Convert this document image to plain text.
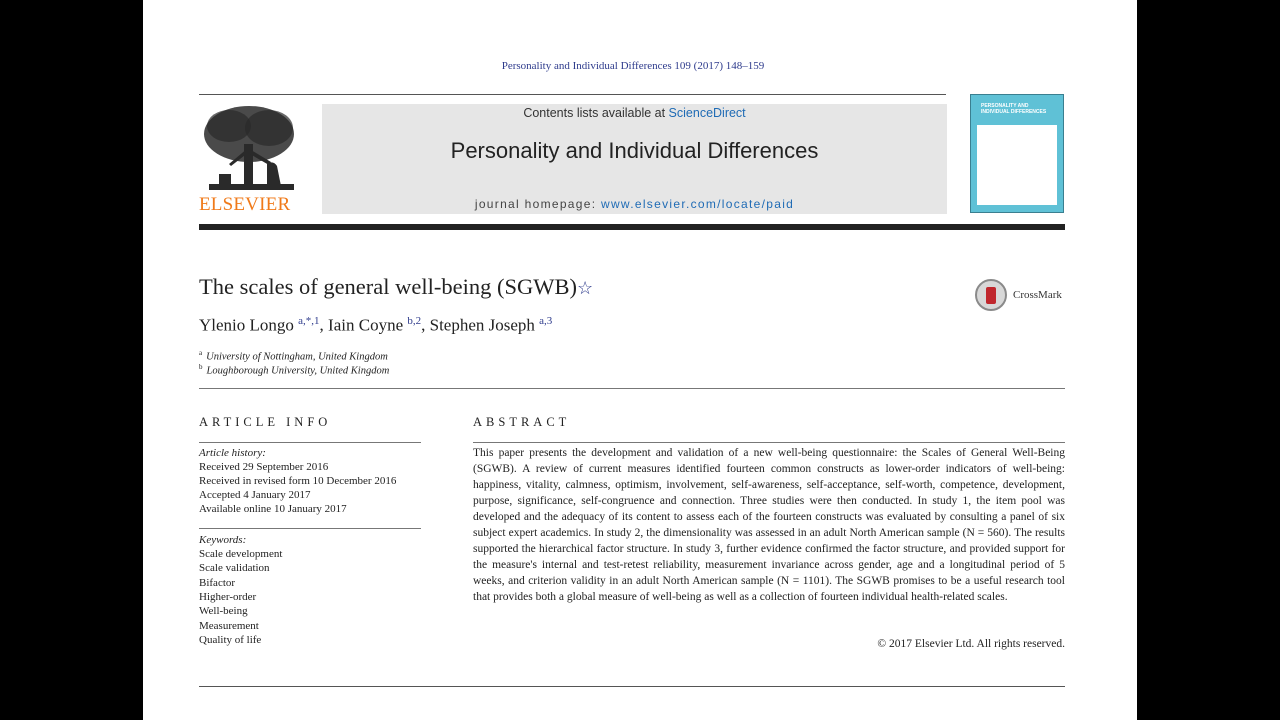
Personality and Individual Differences 109 (2017) 148–159
ELSEVIER
Contents lists available at ScienceDirect
Personality and Individual Differences
journal homepage: www.elsevier.com/locate/paid
PERSONALITY AND INDIVIDUAL DIFFERENCES
The scales of general well-being (SGWB)☆	CrossMark
Ylenio Longo $^{a,*,1}$, Iain Coyne $^{b,2}$, Stephen Joseph $^{a,3}$
$^a$ University of Nottingham, United Kingdom
$^b$ Loughborough University, United Kingdom
ARTICLE INFO
Article history:
Received 29 September 2016
Received in revised form 10 December 2016
Accepted 4 January 2017
Available online 10 January 2017
Keywords:
Scale development
Scale validation
Bifactor
Higher-order
Well-being
Measurement
Quality of life
ABSTRACT
This paper presents the development and validation of a new well-being questionnaire: the Scales of General Well-Being (SGWB). A review of current measures identified fourteen common constructs as lower-order indicators of well-being: happiness, vitality, calmness, optimism, involvement, self-awareness, self-acceptance, self-worth, competence, development, purpose, significance, self-congruence and connection. Three studies were then conducted. In study 1, the item pool was developed and the adequacy of its content to assess each of the fourteen constructs was evaluated by consulting a panel of six subject expert academics. In study 2, the dimensionality was assessed in an adult North American sample (N = 560). The results supported the hierarchical factor structure. In study 3, further evidence confirmed the factor structure, and provided support for the measure's internal and test-retest reliability, measurement invariance across gender, age and a longitudinal period of 5 weeks, and criterion validity in an adult North American sample (N = 1101). The SGWB promises to be a useful research tool that provides both a global measure of well-being as well as a collection of fourteen individual health-related scales.
© 2017 Elsevier Ltd. All rights reserved.
